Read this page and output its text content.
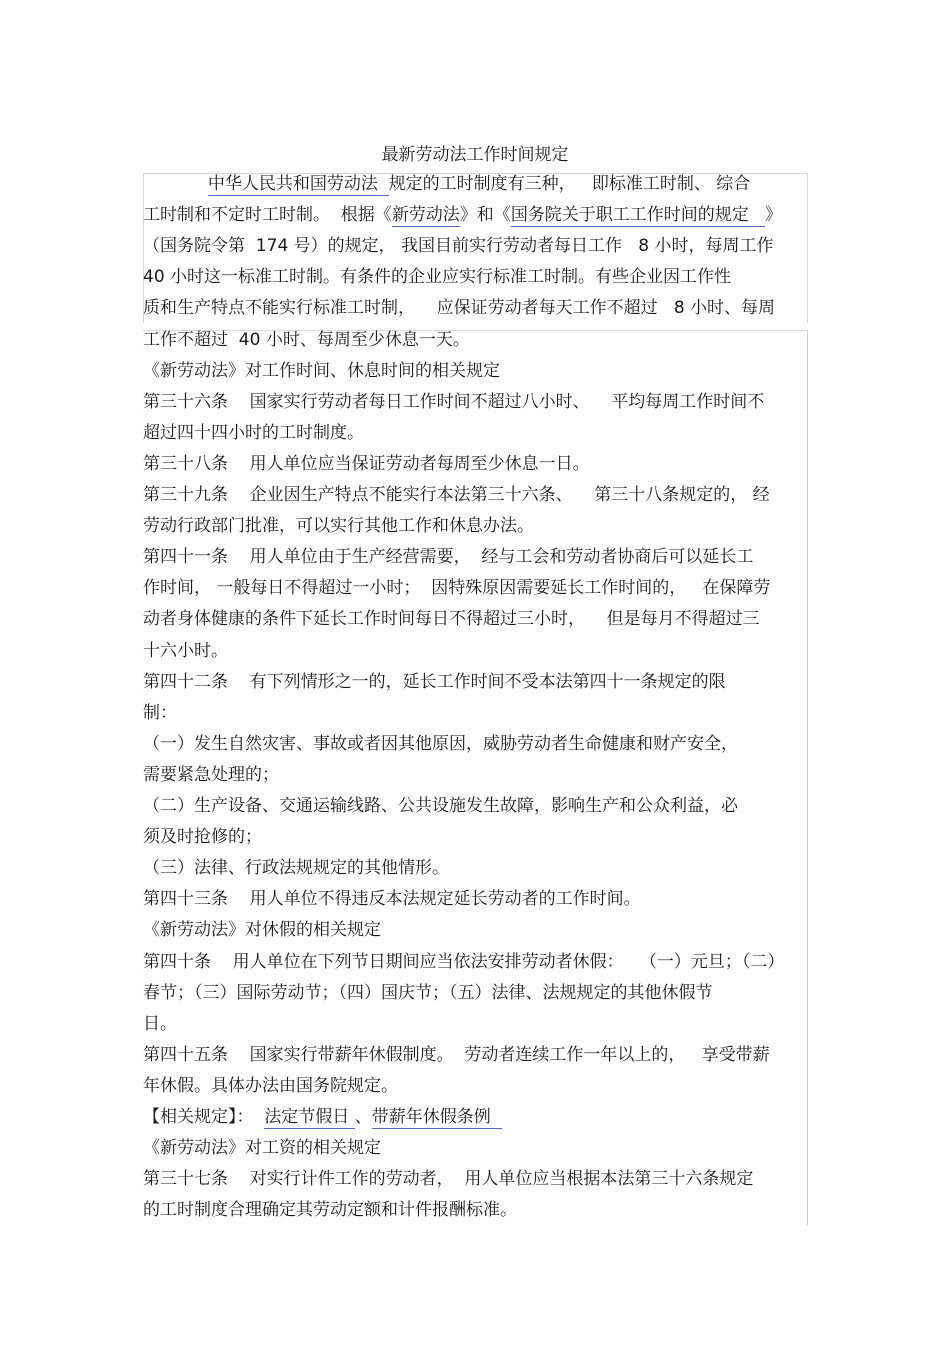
最新劳动法工作时间规定
中华人民共和国劳动法  规定的工时制度有三种，   即标准工时制、 综合
工时制和不定时工时制。  根据《新劳动法》和《国务院关于职工工作时间的规定   》
（国务院令第  174 号）的规定， 我国目前实行劳动者每日工作   8 小时，每周工作
40 小时这一标准工时制。有条件的企业应实行标准工时制。有些企业因工作性
质和生产特点不能实行标准工时制，    应保证劳动者每天工作不超过   8 小时、每周
工作不超过  40 小时、每周至少休息一天。
《新劳动法》对工作时间、休息时间的相关规定
第三十六条    国家实行劳动者每日工作时间不超过八小时、    平均每周工作时间不
超过四十四小时的工时制度。
第三十八条    用人单位应当保证劳动者每周至少休息一日。
第三十九条    企业因生产特点不能实行本法第三十六条、    第三十八条规定的， 经
劳动行政部门批准，可以实行其他工作和休息办法。
第四十一条    用人单位由于生产经营需要，  经与工会和劳动者协商后可以延长工
作时间， 一般每日不得超过一小时；  因特殊原因需要延长工作时间的，   在保障劳
动者身体健康的条件下延长工作时间每日不得超过三小时，    但是每月不得超过三
十六小时。
第四十二条    有下列情形之一的，延长工作时间不受本法第四十一条规定的限
制：
（一）发生自然灾害、事故或者因其他原因，威胁劳动者生命健康和财产安全，
需要紧急处理的；
（二）生产设备、交通运输线路、公共设施发生故障，影响生产和公众利益，必
须及时抢修的；
（三）法律、行政法规规定的其他情形。
第四十三条    用人单位不得违反本法规定延长劳动者的工作时间。
《新劳动法》对休假的相关规定
第四十条    用人单位在下列节日期间应当依法安排劳动者休假：   （一）元旦；（二）
春节；（三）国际劳动节；（四）国庆节；（五）法律、法规规定的其他休假节
日。
第四十五条    国家实行带薪年休假制度。  劳动者连续工作一年以上的，   享受带薪
年休假。具体办法由国务院规定。
【相关规定】：  法定节假日 、带薪年休假条例
《新劳动法》对工资的相关规定
第三十七条    对实行计件工作的劳动者，  用人单位应当根据本法第三十六条规定
的工时制度合理确定其劳动定额和计件报酬标准。
